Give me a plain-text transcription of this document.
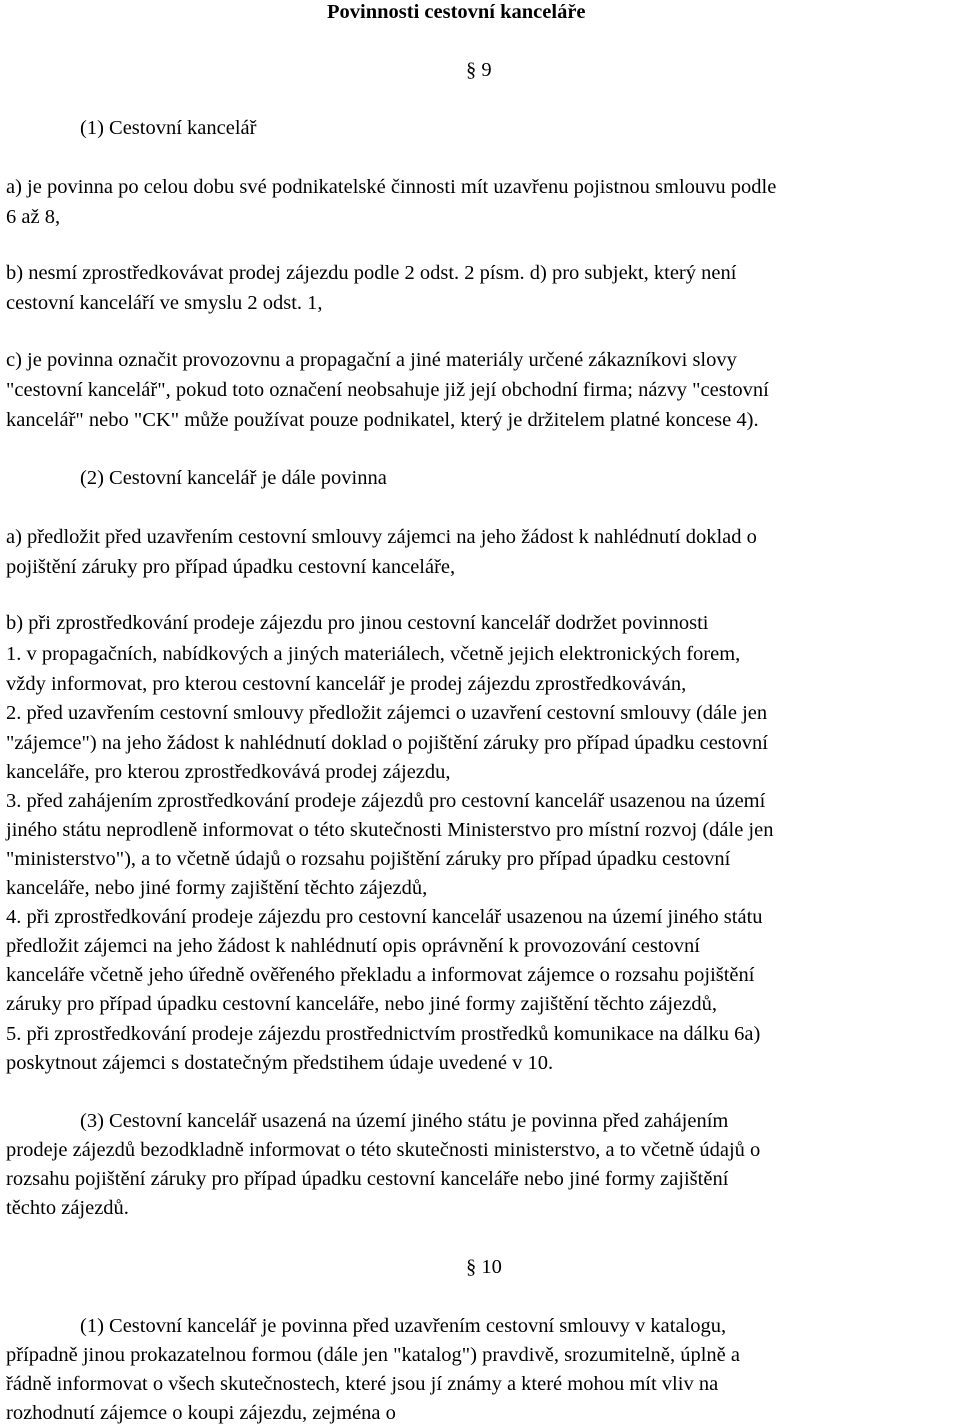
Povinnosti cestovní kanceláře

§ 9

(1) Cestovní kancelář

a) je povinna po celou dobu své podnikatelské činnosti mít uzavřenu pojistnou smlouvu podle

6 až 8,

b) nesmí zprostředkovávat prodej zájezdu podle 2 odst. 2 písm. d) pro subjekt, který není

cestovní kanceláří ve smyslu 2 odst. 1,

c) je povinna označit provozovnu a propagační a jiné materiály určené zákazníkovi slovy

"cestovní kancelář", pokud toto označení neobsahuje již její obchodní firma; názvy "cestovní

kancelář" nebo "CK" může používat pouze podnikatel, který je držitelem platné koncese 4).

(2) Cestovní kancelář je dále povinna

a) předložit před uzavřením cestovní smlouvy zájemci na jeho žádost k nahlédnutí doklad o

pojištění záruky pro případ úpadku cestovní kanceláře,

b) při zprostředkování prodeje zájezdu pro jinou cestovní kancelář dodržet povinnosti

1. v propagačních, nabídkových a jiných materiálech, včetně jejich elektronických forem,

vždy informovat, pro kterou cestovní kancelář je prodej zájezdu zprostředkováván,

2. před uzavřením cestovní smlouvy předložit zájemci o uzavření cestovní smlouvy (dále jen

"zájemce") na jeho žádost k nahlédnutí doklad o pojištění záruky pro případ úpadku cestovní

kanceláře, pro kterou zprostředkovává prodej zájezdu,

3. před zahájením zprostředkování prodeje zájezdů pro cestovní kancelář usazenou na území

jiného státu neprodleně informovat o této skutečnosti Ministerstvo pro místní rozvoj (dále jen

"ministerstvo"), a to včetně údajů o rozsahu pojištění záruky pro případ úpadku cestovní

kanceláře, nebo jiné formy zajištění těchto zájezdů,

4. při zprostředkování prodeje zájezdu pro cestovní kancelář usazenou na území jiného státu

předložit zájemci na jeho žádost k nahlédnutí opis oprávnění k provozování cestovní

kanceláře včetně jeho úředně ověřeného překladu a informovat zájemce o rozsahu pojištění

záruky pro případ úpadku cestovní kanceláře, nebo jiné formy zajištění těchto zájezdů,

5. při zprostředkování prodeje zájezdu prostřednictvím prostředků komunikace na dálku 6a)

poskytnout zájemci s dostatečným předstihem údaje uvedené v 10.

(3) Cestovní kancelář usazená na území jiného státu je povinna před zahájením

prodeje zájezdů bezodkladně informovat o této skutečnosti ministerstvo, a to včetně údajů o

rozsahu pojištění záruky pro případ úpadku cestovní kanceláře nebo jiné formy zajištění

těchto zájezdů.

§ 10

(1) Cestovní kancelář je povinna před uzavřením cestovní smlouvy v katalogu,

případně jinou prokazatelnou formou (dále jen "katalog") pravdivě, srozumitelně, úplně a

řádně informovat o všech skutečnostech, které jsou jí známy a které mohou mít vliv na

rozhodnutí zájemce o koupi zájezdu, zejména o
